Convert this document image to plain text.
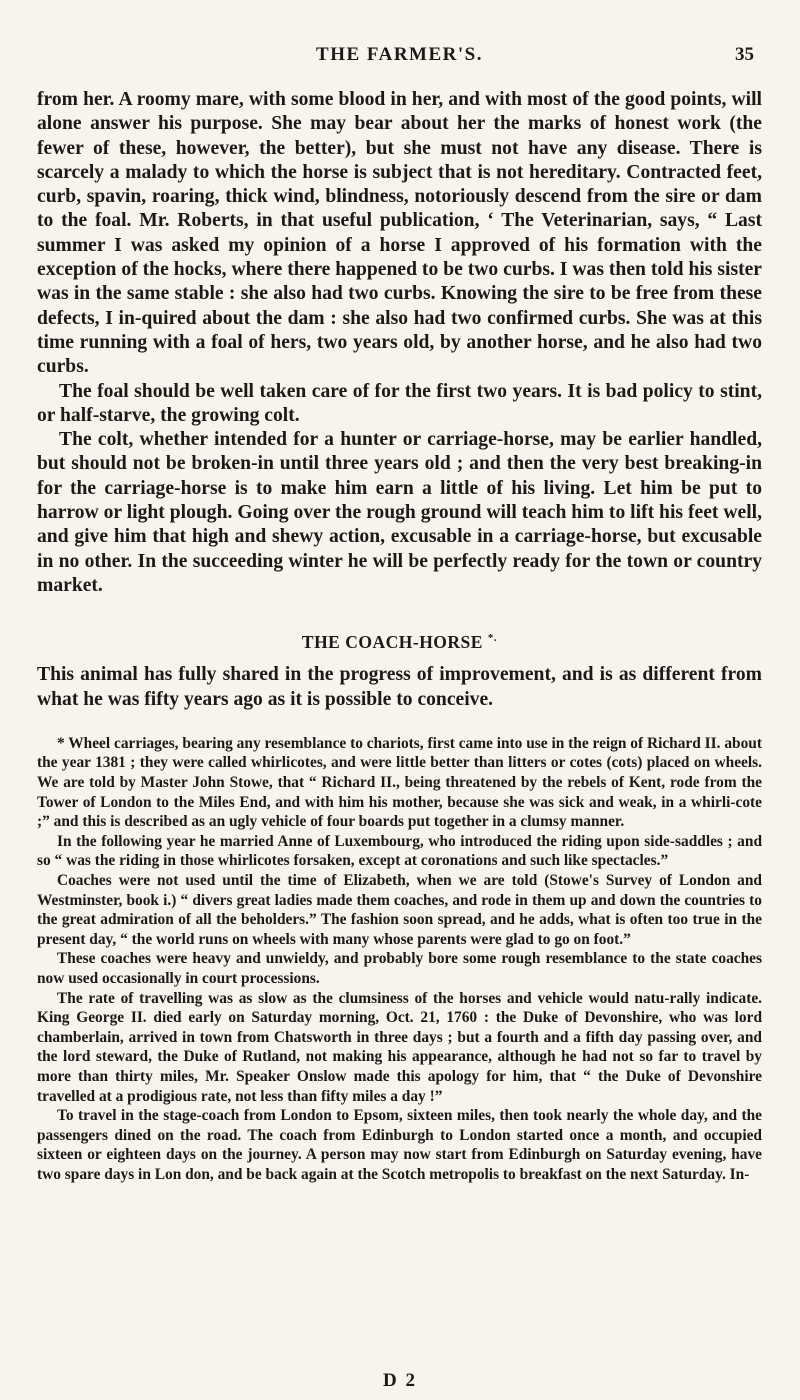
THE FARMER'S.	35

from her. A roomy mare, with some blood in her, and with most of the good points, will alone answer his purpose. She may bear about her the marks of honest work (the fewer of these, however, the better), but she must not have any disease. There is scarcely a malady to which the horse is subject that is not hereditary. Contracted feet, curb, spavin, roaring, thick wind, blindness, notoriously descend from the sire or dam to the foal. Mr. Roberts, in that useful publication, ‘ The Veterinarian, says, “ Last summer I was asked my opinion of a horse I approved of his formation with the exception of the hocks, where there happened to be two curbs. I was then told his sister was in the same stable : she also had two curbs. Knowing the sire to be free from these defects, I in-quired about the dam : she also had two confirmed curbs. She was at this time running with a foal of hers, two years old, by another horse, and he also had two curbs.

The foal should be well taken care of for the first two years. It is bad policy to stint, or half-starve, the growing colt.

The colt, whether intended for a hunter or carriage-horse, may be earlier handled, but should not be broken-in until three years old ; and then the very best breaking-in for the carriage-horse is to make him earn a little of his living. Let him be put to harrow or light plough. Going over the rough ground will teach him to lift his feet well, and give him that high and shewy action, excusable in a carriage-horse, but excusable in no other. In the succeeding winter he will be perfectly ready for the town or country market.

THE COACH-HORSE *.

This animal has fully shared in the progress of improvement, and is as different from what he was fifty years ago as it is possible to conceive.

* Wheel carriages, bearing any resemblance to chariots, first came into use in the reign of Richard II. about the year 1381 ; they were called whirlicotes, and were little better than litters or cotes (cots) placed on wheels. We are told by Master John Stowe, that “ Richard II., being threatened by the rebels of Kent, rode from the Tower of London to the Miles End, and with him his mother, because she was sick and weak, in a whirli-cote ;” and this is described as an ugly vehicle of four boards put together in a clumsy manner.

In the following year he married Anne of Luxembourg, who introduced the riding upon side-saddles ; and so “ was the riding in those whirlicotes forsaken, except at coronations and such like spectacles.”

Coaches were not used until the time of Elizabeth, when we are told (Stowe's Survey of London and Westminster, book i.) “ divers great ladies made them coaches, and rode in them up and down the countries to the great admiration of all the beholders.” The fashion soon spread, and he adds, what is often too true in the present day, “ the world runs on wheels with many whose parents were glad to go on foot.”

These coaches were heavy and unwieldy, and probably bore some rough resemblance to the state coaches now used occasionally in court processions.

The rate of travelling was as slow as the clumsiness of the horses and vehicle would natu-rally indicate. King George II. died early on Saturday morning, Oct. 21, 1760 : the Duke of Devonshire, who was lord chamberlain, arrived in town from Chatsworth in three days ; but a fourth and a fifth day passing over, and the lord steward, the Duke of Rutland, not making his appearance, although he had not so far to travel by more than thirty miles, Mr. Speaker Onslow made this apology for him, that “ the Duke of Devonshire travelled at a prodigious rate, not less than fifty miles a day !”

To travel in the stage-coach from London to Epsom, sixteen miles, then took nearly the whole day, and the passengers dined on the road. The coach from Edinburgh to London started once a month, and occupied sixteen or eighteen days on the journey. A person may now start from Edinburgh on Saturday evening, have two spare days in Lon don, and be back again at the Scotch metropolis to breakfast on the next Saturday. In-

D 2
